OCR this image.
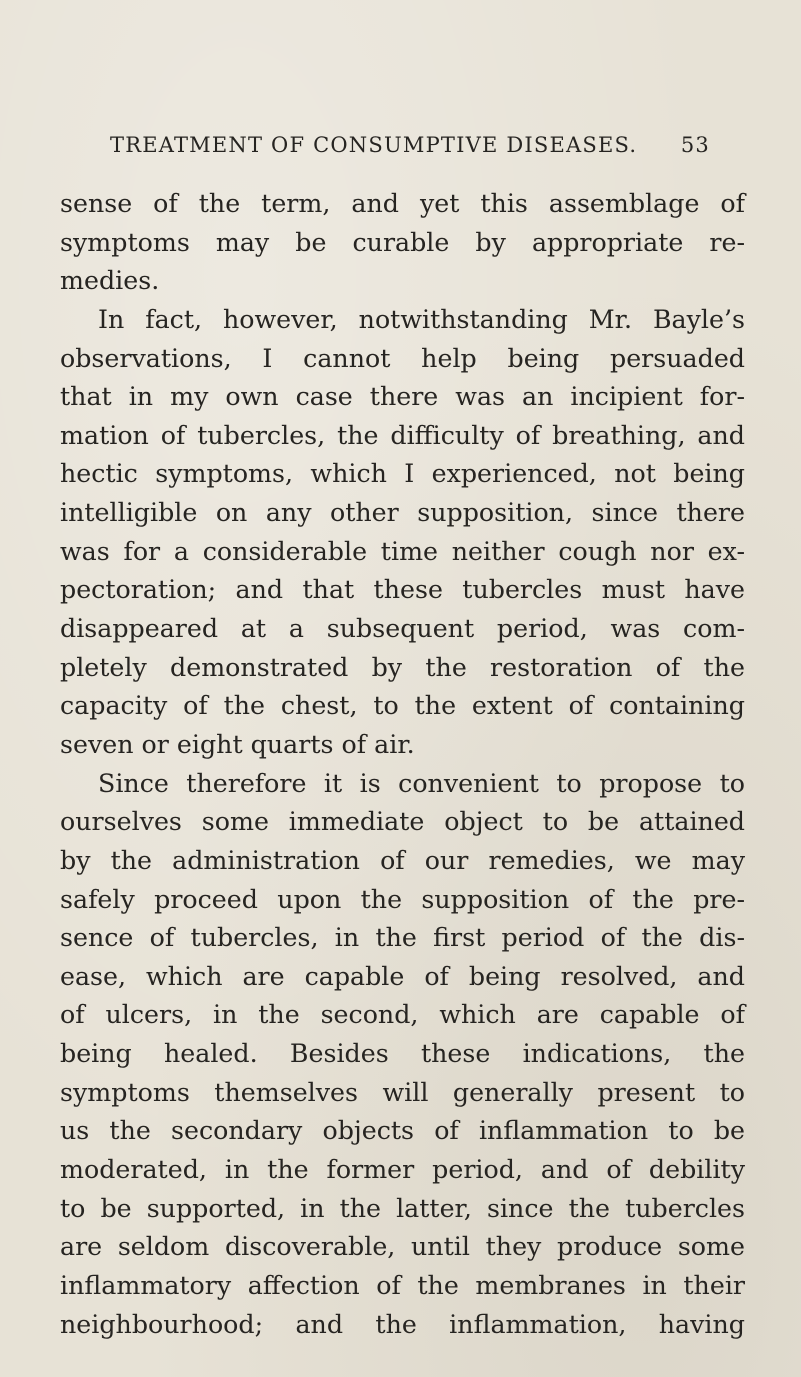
TREATMENT OF CONSUMPTIVE DISEASES. 53
sense of the term, and yet this assemblage of
symptoms may be curable by appropriate re-
medies.
In fact, however, notwithstanding Mr. Bayle’s
observations, I cannot help being persuaded
that in my own case there was an incipient for-
mation of tubercles, the difficulty of breathing, and
hectic symptoms, which I experienced, not being
intelligible on any other supposition, since there
was for a considerable time neither cough nor ex-
pectoration; and that these tubercles must have
disappeared at a subsequent period, was com-
pletely demonstrated by the restoration of the
capacity of the chest, to the extent of containing
seven or eight quarts of air.
Since therefore it is convenient to propose to
ourselves some immediate object to be attained
by the administration of our remedies, we may
safely proceed upon the supposition of the pre-
sence of tubercles, in the first period of the dis-
ease, which are capable of being resolved, and
of ulcers, in the second, which are capable of
being healed. Besides these indications, the
symptoms themselves will generally present to
us the secondary objects of inflammation to be
moderated, in the former period, and of debility
to be supported, in the latter, since the tubercles
are seldom discoverable, until they produce some
inflammatory affection of the membranes in their
neighbourhood; and the inflammation, having
